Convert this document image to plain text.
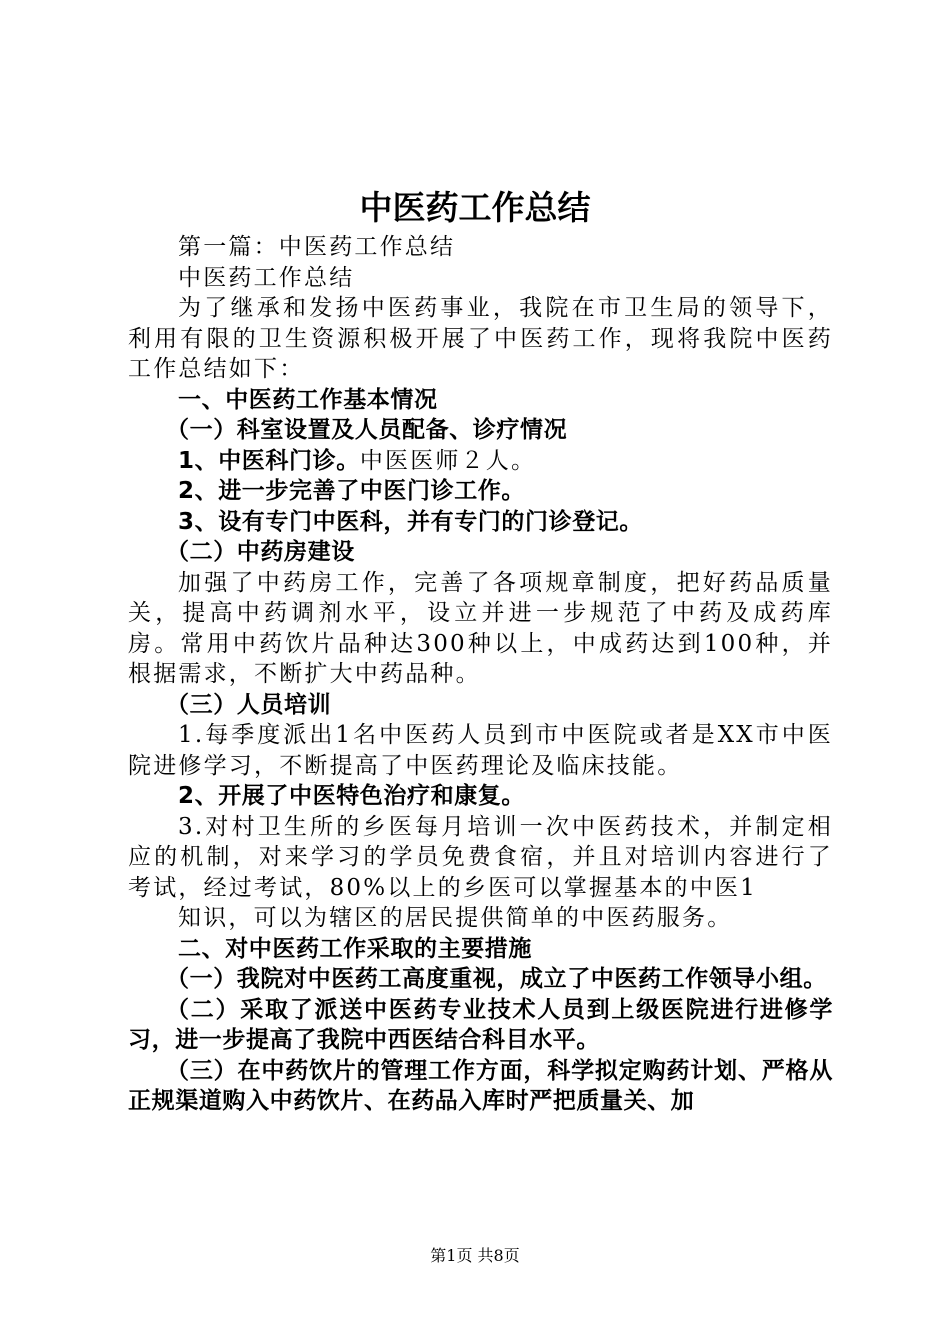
中医药工作总结

第一篇：中医药工作总结

中医药工作总结

为了继承和发扬中医药事业，我院在市卫生局的领导下，利用有限的卫生资源积极开展了中医药工作，现将我院中医药工作总结如下：

一、中医药工作基本情况

（一）科室设置及人员配备、诊疗情况

1、中医科门诊。中医医师２人。

2、进一步完善了中医门诊工作。

3、设有专门中医科，并有专门的门诊登记。

（二）中药房建设

加强了中药房工作，完善了各项规章制度，把好药品质量关，提高中药调剂水平，设立并进一步规范了中药及成药库房。常用中药饮片品种达300种以上，中成药达到100种，并根据需求，不断扩大中药品种。

（三）人员培训

1.每季度派出1名中医药人员到市中医院或者是XX市中医院进修学习，不断提高了中医药理论及临床技能。

2、开展了中医特色治疗和康复。

3.对村卫生所的乡医每月培训一次中医药技术，并制定相应的机制，对来学习的学员免费食宿，并且对培训内容进行了考试，经过考试，80%以上的乡医可以掌握基本的中医1

知识，可以为辖区的居民提供简单的中医药服务。

二、对中医药工作采取的主要措施

（一）我院对中医药工高度重视，成立了中医药工作领导小组。

（二）采取了派送中医药专业技术人员到上级医院进行进修学习，进一步提高了我院中西医结合科目水平。

（三）在中药饮片的管理工作方面，科学拟定购药计划、严格从正规渠道购入中药饮片、在药品入库时严把质量关、加

第1页 共8页
